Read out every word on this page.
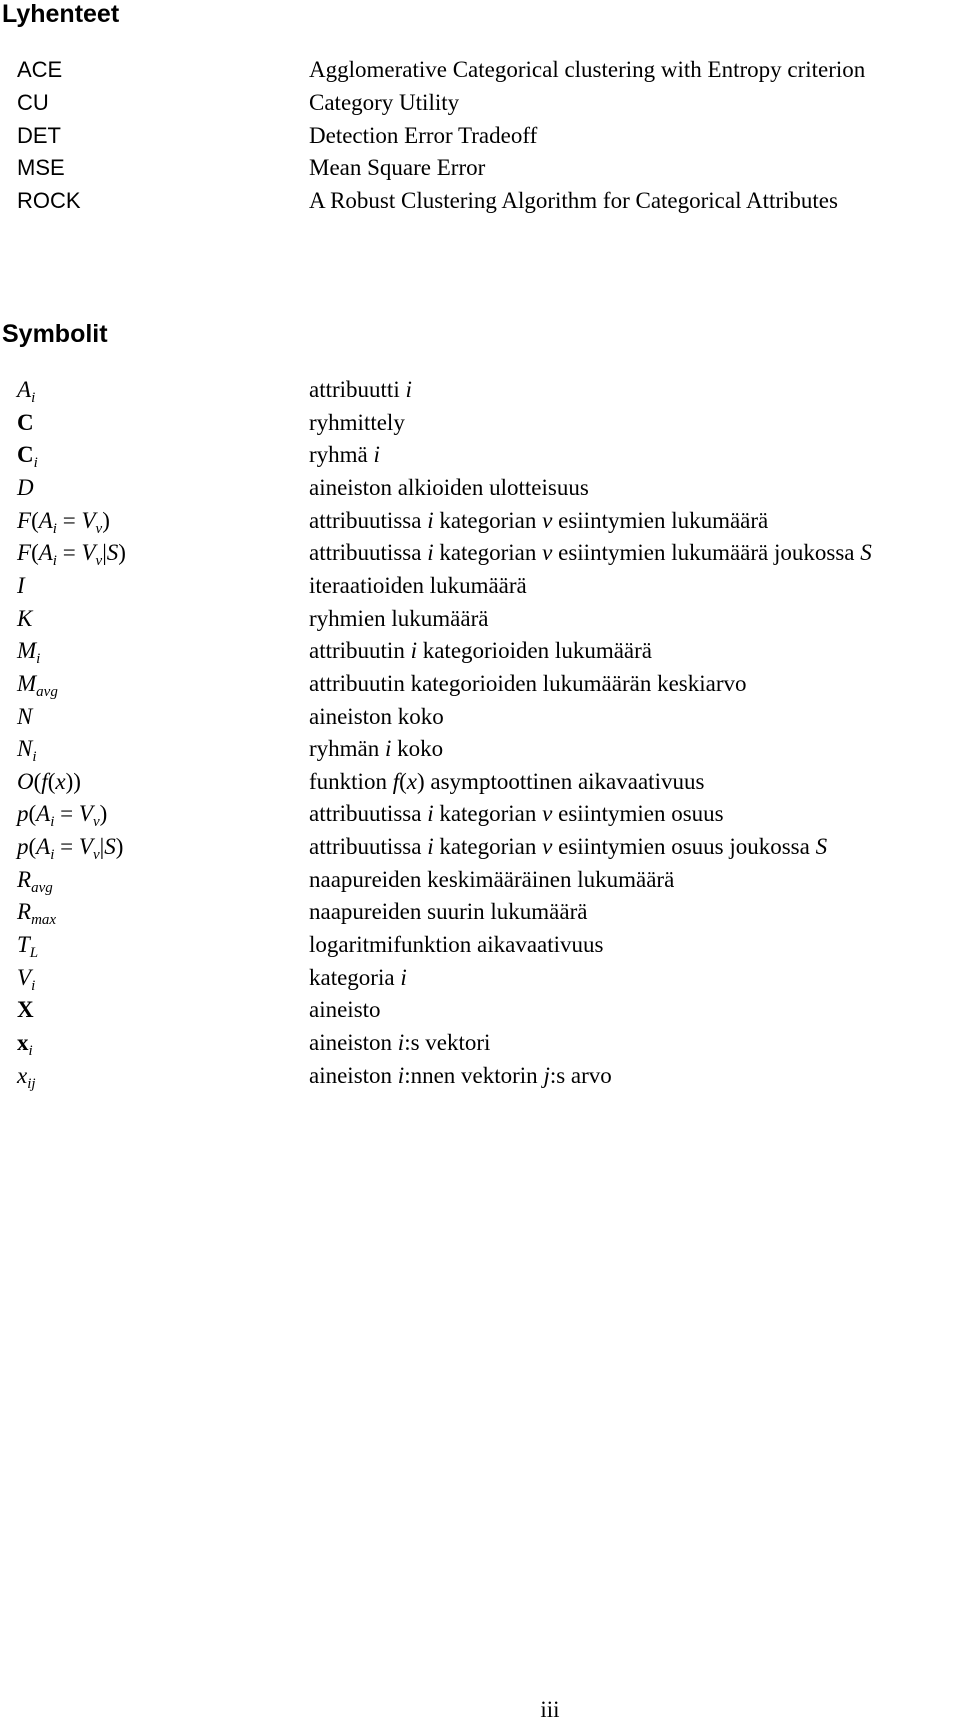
Lyhenteet
ACE	Agglomerative Categorical clustering with Entropy criterion
CU	Category Utility
DET	Detection Error Tradeoff
MSE	Mean Square Error
ROCK	A Robust Clustering Algorithm for Categorical Attributes
Symbolit
$A_i$	attribuutti i
C	ryhmittely
$C_i$	ryhmä i
D	aineiston alkioiden ulotteisuus
$F(A_i = V_v)$	attribuutissa i kategorian v esiintymien lukumäärä
$F(A_i = V_v|S)$	attribuutissa i kategorian v esiintymien lukumäärä joukossa S
I	iteraatioiden lukumäärä
K	ryhmien lukumäärä
$M_i$	attribuutin i kategorioiden lukumäärä
$M_{avg}$	attribuutin kategorioiden lukumäärän keskiarvo
N	aineiston koko
$N_i$	ryhmän i koko
O(f(x))	funktion f(x) asymptoottinen aikavaativuus
$p(A_i = V_v)$	attribuutissa i kategorian v esiintymien osuus
$p(A_i = V_v|S)$	attribuutissa i kategorian v esiintymien osuus joukossa S
$R_{avg}$	naapureiden keskimääräinen lukumäärä
$R_{max}$	naapureiden suurin lukumäärä
$T_L$	logaritmifunktion aikavaativuus
$V_i$	kategoria i
X	aineisto
$x_i$	aineiston i:s vektori
$x_{ij}$	aineiston i:nnen vektorin j:s arvo
iii
